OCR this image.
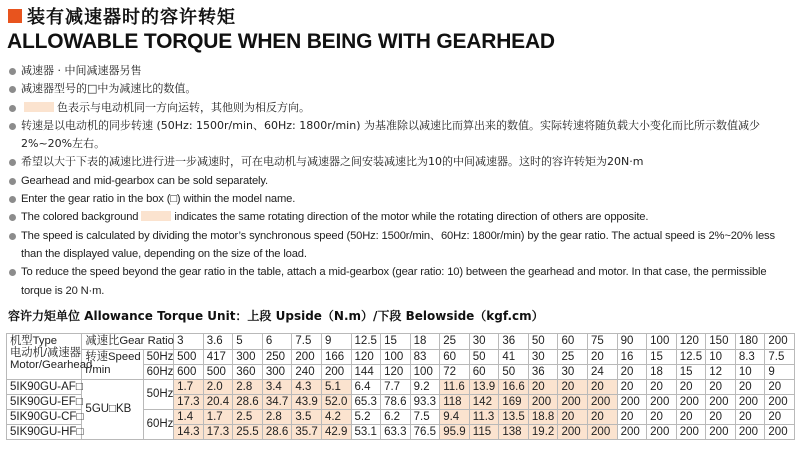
装有减速器时的容许转矩
ALLOWABLE TORQUE WHEN BEING WITH GEARHEAD
减速器 · 中间减速器另售
减速器型号的□中为减速比的数值。
色表示与电动机同一方向运转，其他则为相反方向。
转速是以电动机的同步转速 (50Hz: 1500r/min、60Hz: 1800r/min) 为基准除以减速比而算出来的数值。实际转速将随负载大小变化而比所示数值减少2%~20%左右。
希望以大于下表的减速比进行进一步减速时，可在电动机与减速器之间安装减速比为10的中间减速器。这时的容许转矩为20N·m
Gearhead and mid-gearbox can be sold separately.
Enter the gear ratio in the box (□) within the model name.
The colored background	indicates the same rotating direction of the motor while the rotating direction of others are opposite.
The speed is calculated by dividing the motor’s synchronous speed (50Hz: 1500r/min、60Hz: 1800r/min) by the gear ratio. The actual speed is 2%~20% less than the displayed value, depending on the size of the load.
To reduce the speed beyond the gear ratio in the table, attach a mid-gearbox (gear ratio: 10) between the gearhead and motor. In that case, the permissible torque is 20 N·m.
容许力矩单位 Allowance Torque Unit：上段 Upside（N.m）/下段 Belowside（kgf.cm）
机型Type
电动机/减速器
Motor/Gearhead	减速比Gear Ratio		3	3.6	5	6	7.5	9	12.5	15	18	25	30	36	50	60	75	90	100	120	150	180	200

	转速Speed
r/min	50Hz	500	417	300	250	200	166	120	100	83	60	50	41	30	25	20	16	15	12.5	10	8.3	7.5
		60Hz	600	500	360	300	240	200	144	120	100	72	60	50	36	30	24	20	18	15	12	10	9
5IK90GU-AF□	5GU□KB	50Hz	1.7	2.0	2.8	3.4	4.3	5.1	6.4	7.7	9.2	11.6	13.9	16.6	20	20	20	20	20	20	20	20	20
5IK90GU-EF□			17.3	20.4	28.6	34.7	43.9	52.0	65.3	78.6	93.3	118	142	169	200	200	200	200	200	200	200	200	200
5IK90GU-CF□		60Hz	1.4	1.7	2.5	2.8	3.5	4.2	5.2	6.2	7.5	9.4	11.3	13.5	18.8	20	20	20	20	20	20	20	20
5IK90GU-HF□			14.3	17.3	25.5	28.6	35.7	42.9	53.1	63.3	76.5	95.9	115	138	19.2	200	200	200	200	200	200	200	200
